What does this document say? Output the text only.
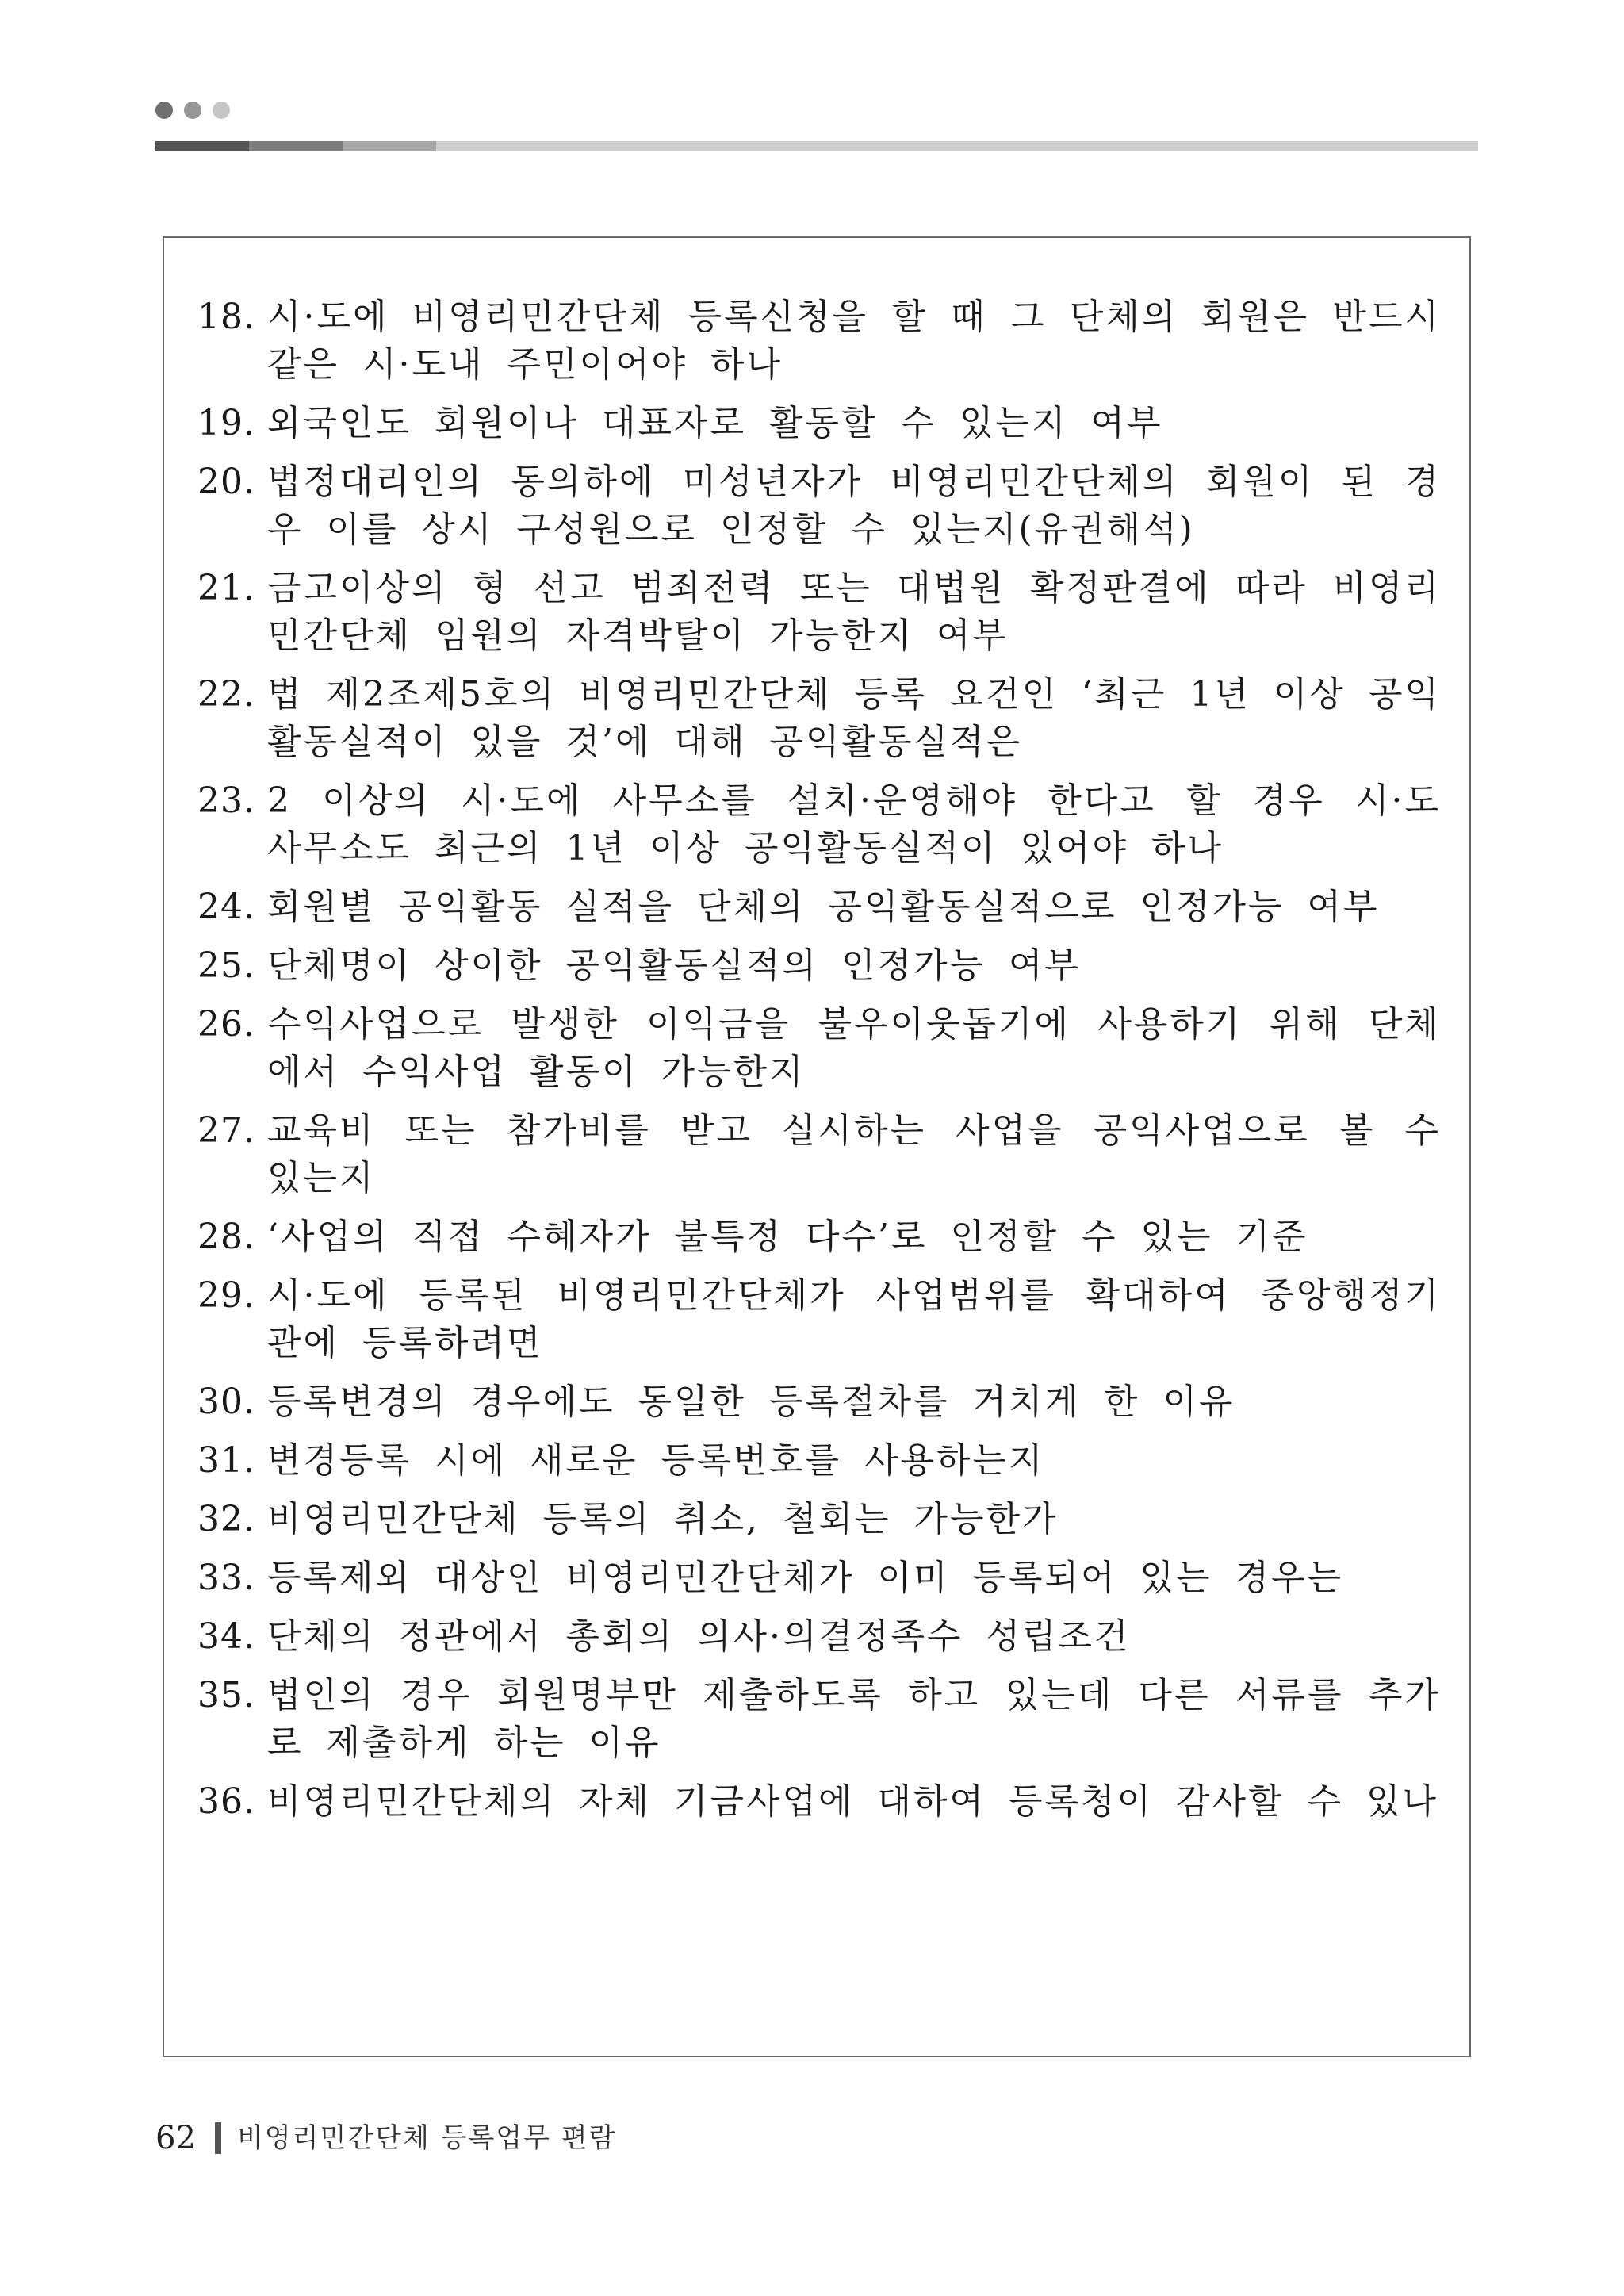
18. 시·도에 비영리민간단체 등록신청을 할 때 그 단체의 회원은 반드시 같은 시·도내 주민이어야 하나
19. 외국인도 회원이나 대표자로 활동할 수 있는지 여부
20. 법정대리인의 동의하에 미성년자가 비영리민간단체의 회원이 된 경우 이를 상시 구성원으로 인정할 수 있는지(유권해석)
21. 금고이상의 형 선고 범죄전력 또는 대법원 확정판결에 따라 비영리민간단체 임원의 자격박탈이 가능한지 여부
22. 법 제2조제5호의 비영리민간단체 등록 요건인 ‘최근 1년 이상 공익활동실적이 있을 것’에 대해 공익활동실적은
23. 2 이상의 시·도에 사무소를 설치·운영해야 한다고 할 경우 시·도 사무소도 최근의 1년 이상 공익활동실적이 있어야 하나
24. 회원별 공익활동 실적을 단체의 공익활동실적으로 인정가능 여부
25. 단체명이 상이한 공익활동실적의 인정가능 여부
26. 수익사업으로 발생한 이익금을 불우이웃돕기에 사용하기 위해 단체에서 수익사업 활동이 가능한지
27. 교육비 또는 참가비를 받고 실시하는 사업을 공익사업으로 볼 수 있는지
28. ‘사업의 직접 수혜자가 불특정 다수’로 인정할 수 있는 기준
29. 시·도에 등록된 비영리민간단체가 사업범위를 확대하여 중앙행정기관에 등록하려면
30. 등록변경의 경우에도 동일한 등록절차를 거치게 한 이유
31. 변경등록 시에 새로운 등록번호를 사용하는지
32. 비영리민간단체 등록의 취소, 철회는 가능한가
33. 등록제외 대상인 비영리민간단체가 이미 등록되어 있는 경우는
34. 단체의 정관에서 총회의 의사·의결정족수 성립조건
35. 법인의 경우 회원명부만 제출하도록 하고 있는데 다른 서류를 추가로 제출하게 하는 이유
36. 비영리민간단체의 자체 기금사업에 대하여 등록청이 감사할 수 있나
62 비영리민간단체 등록업무 편람
